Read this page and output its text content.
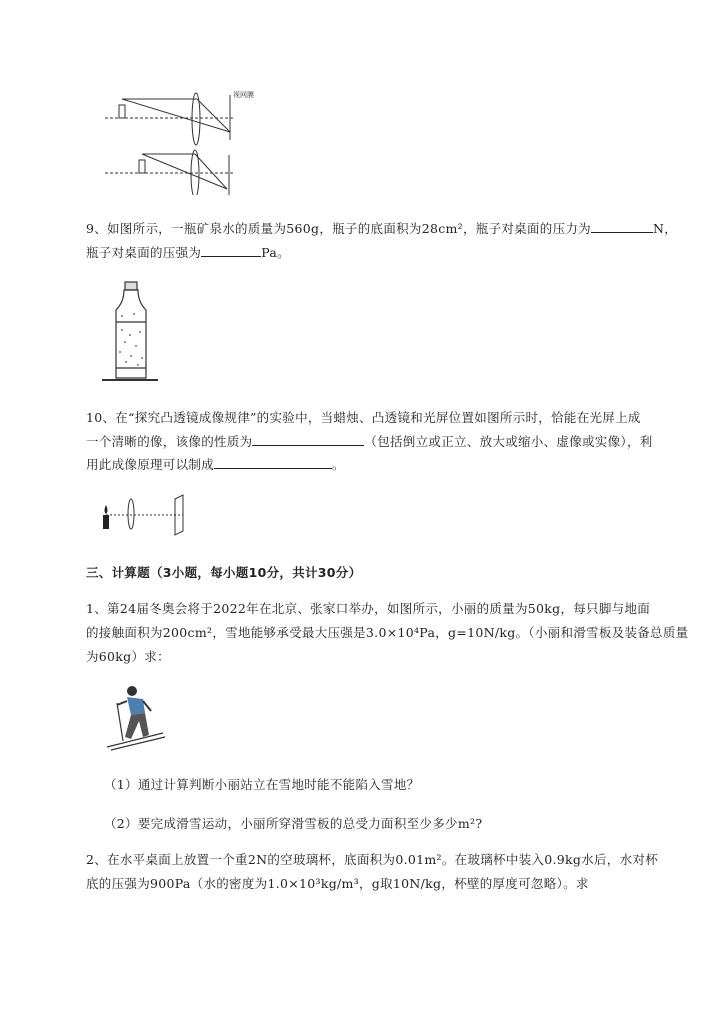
视网膜
9、如图所示，一瓶矿泉水的质量为560g，瓶子的底面积为28cm²，瓶子对桌面的压力为	N，
瓶子对桌面的压强为	Pa。
10、在“探究凸透镜成像规律”的实验中，当蜡烛、凸透镜和光屏位置如图所示时，恰能在光屏上成
一个清晰的像，该像的性质为	（包括倒立或正立、放大或缩小、虚像或实像），利
用此成像原理可以制成	。
三、计算题（3小题，每小题10分，共计30分）
1、第24届冬奥会将于2022年在北京、张家口举办，如图所示，小丽的质量为50kg，每只脚与地面
的接触面积为200cm²，雪地能够承受最大压强是3.0×10⁴Pa，g=10N/kg。（小丽和滑雪板及装备总质量
为60kg）求：
（1）通过计算判断小丽站立在雪地时能不能陷入雪地？
（2）要完成滑雪运动，小丽所穿滑雪板的总受力面积至少多少m²?
2、在水平桌面上放置一个重2N的空玻璃杯，底面积为0.01m²。在玻璃杯中装入0.9kg水后，水对杯
底的压强为900Pa（水的密度为1.0×10³kg/m³，g取10N/kg，杯壁的厚度可忽略）。求
